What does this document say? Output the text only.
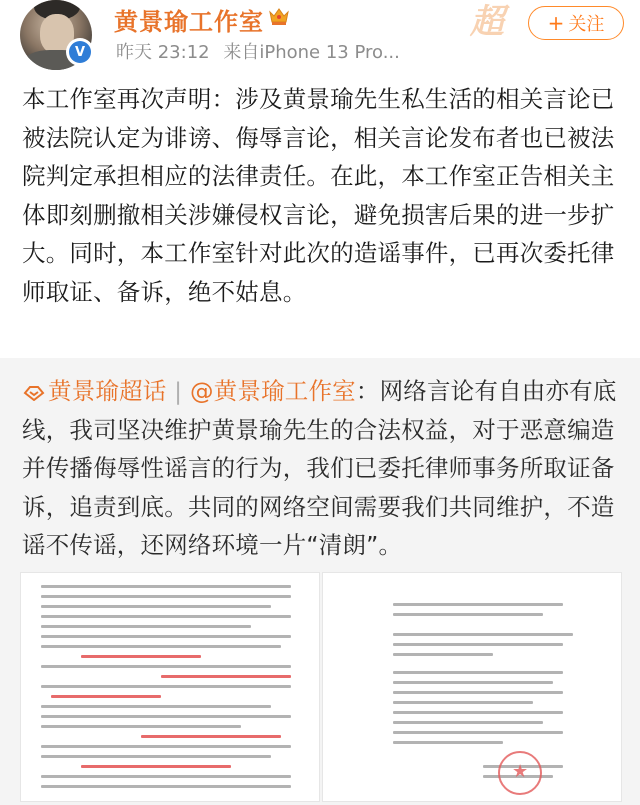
V
黄景瑜工作室
昨天 23:12 来自iPhone 13 Pro...
超 + 关注
本工作室再次声明：涉及黄景瑜先生私生活的相关言论已被法院认定为诽谤、侮辱言论，相关言论发布者也已被法院判定承担相应的法律责任。在此，本工作室正告相关主体即刻删撤相关涉嫌侵权言论，避免损害后果的进一步扩大。同时，本工作室针对此次的造谣事件，已再次委托律师取证、备诉，绝不姑息。
黄景瑜超话 | @黄景瑜工作室：网络言论有自由亦有底线，我司坚决维护黄景瑜先生的合法权益，对于恶意编造并传播侮辱性谣言的行为，我们已委托律师事务所取证备诉，追责到底。共同的网络空间需要我们共同维护，不造谣不传谣，还网络环境一片“清朗”。
★
